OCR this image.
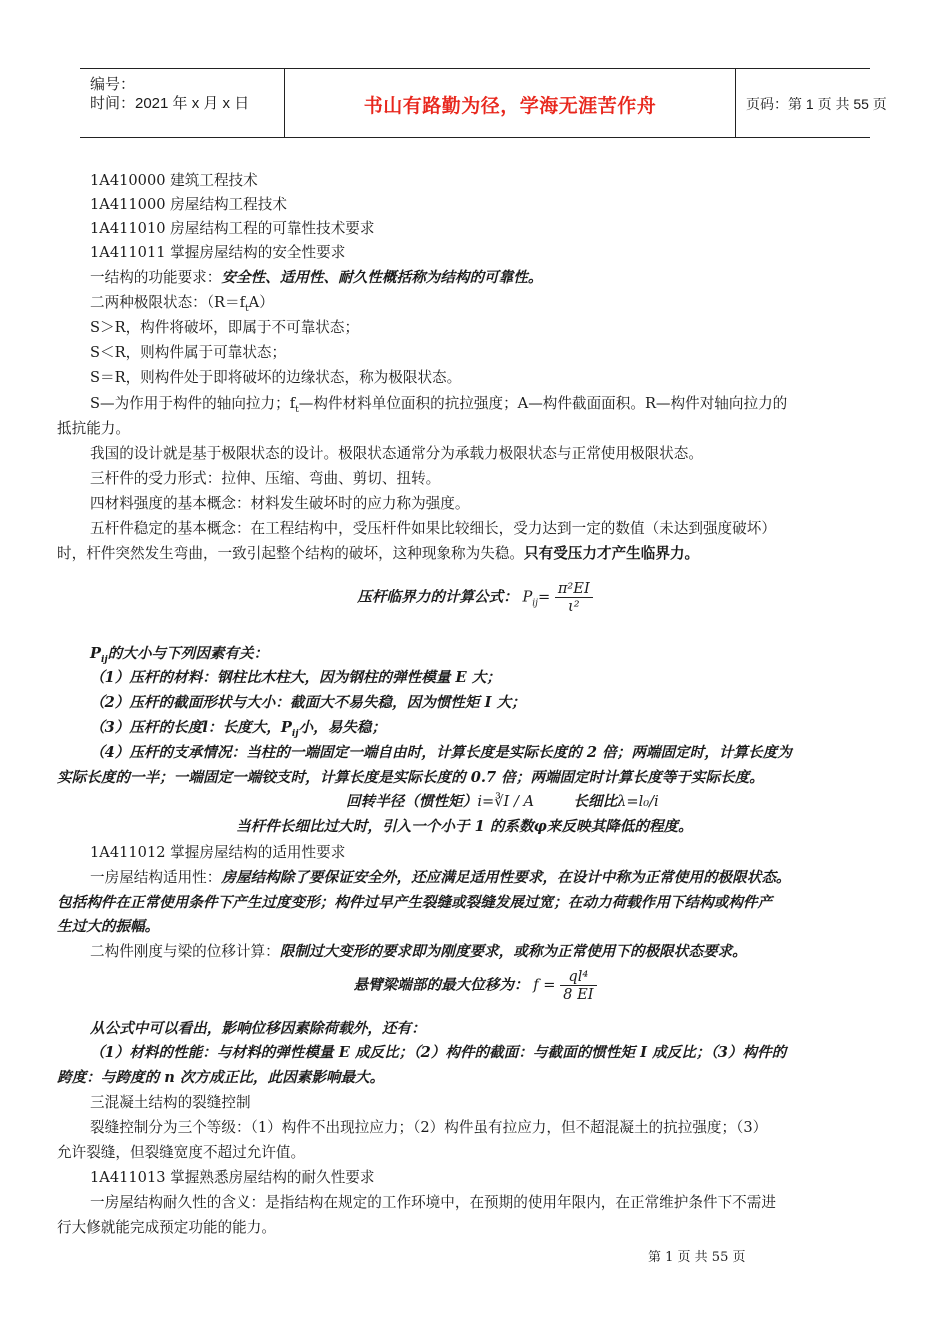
编号：
时间：2021 年 x 月 x 日	书山有路勤为径，学海无涯苦作舟	页码：第 1 页 共 55 页
1A410000 建筑工程技术
1A411000 房屋结构工程技术
1A411010 房屋结构工程的可靠性技术要求
1A411011 掌握房屋结构的安全性要求
一结构的功能要求：安全性、适用性、耐久性概括称为结构的可靠性。
二两种极限状态：$(R=f_tA)$
S＞R，构件将破坏，即属于不可靠状态；
S＜R，则构件属于可靠状态；
S＝R，则构件处于即将破坏的边缘状态，称为极限状态。
S—为作用于构件的轴向拉力；$f_t—$构件材料单位面积的抗拉强度；A—构件截面面积。R—构件对轴向拉力的
抵抗能力。
我国的设计就是基于极限状态的设计。极限状态通常分为承载力极限状态与正常使用极限状态。
三杆件的受力形式：拉伸、压缩、弯曲、剪切、扭转。
四材料强度的基本概念：材料发生破坏时的应力称为强度。
五杆件稳定的基本概念：在工程结构中，受压杆件如果比较细长，受力达到一定的数值（未达到强度破坏）
时，杆件突然发生弯曲，一致引起整个结构的破坏，这种现象称为失稳。只有受压力才产生临界力。
压杆临界力的计算公式： $P_{ij}= \frac{\text{π²EI}}{\text{ι²}}$
$P_{ij}$的大小与下列因素有关：
（1）压杆的材料：钢柱比木柱大，因为钢柱的弹性模量 E 大；
（2）压杆的截面形状与大小：截面大不易失稳，因为惯性矩 I 大；
（3）压杆的长度l：长度大，$P_{ij}$小，易失稳；
（4）压杆的支承情况：当柱的一端固定一端自由时，计算长度是实际长度的 2 倍；两端固定时，计算长度为
实际长度的一半；一端固定一端铰支时，计算长度是实际长度的 0.7 倍；两端固定时计算长度等于实际长度。
回转半径（惯性矩）i=∛I / A	长细比λ=l₀/i
当杆件长细比过大时，引入一个小于 1 的系数φ来反映其降低的程度。
1A411012 掌握房屋结构的适用性要求
一房屋结构适用性：房屋结构除了要保证安全外，还应满足适用性要求，在设计中称为正常使用的极限状态。
包括构件在正常使用条件下产生过度变形；构件过早产生裂缝或裂缝发展过宽；在动力荷载作用下结构或构件产
生过大的振幅。
二构件刚度与梁的位移计算：限制过大变形的要求即为刚度要求，或称为正常使用下的极限状态要求。
悬臂梁端部的最大位移为： $f = \frac{\text{ql⁴}}{8 EI}$
从公式中可以看出，影响位移因素除荷载外，还有：
（1）材料的性能：与材料的弹性模量 E 成反比；（2）构件的截面：与截面的惯性矩 I 成反比；（3）构件的
跨度：与跨度的 n 次方成正比，此因素影响最大。
三混凝土结构的裂缝控制
裂缝控制分为三个等级：（1）构件不出现拉应力；（2）构件虽有拉应力，但不超混凝土的抗拉强度；（3）
允许裂缝，但裂缝宽度不超过允许值。
1A411013 掌握熟悉房屋结构的耐久性要求
一房屋结构耐久性的含义：是指结构在规定的工作环境中，在预期的使用年限内，在正常维护条件下不需进
行大修就能完成预定功能的能力。
第 1 页 共 55 页
